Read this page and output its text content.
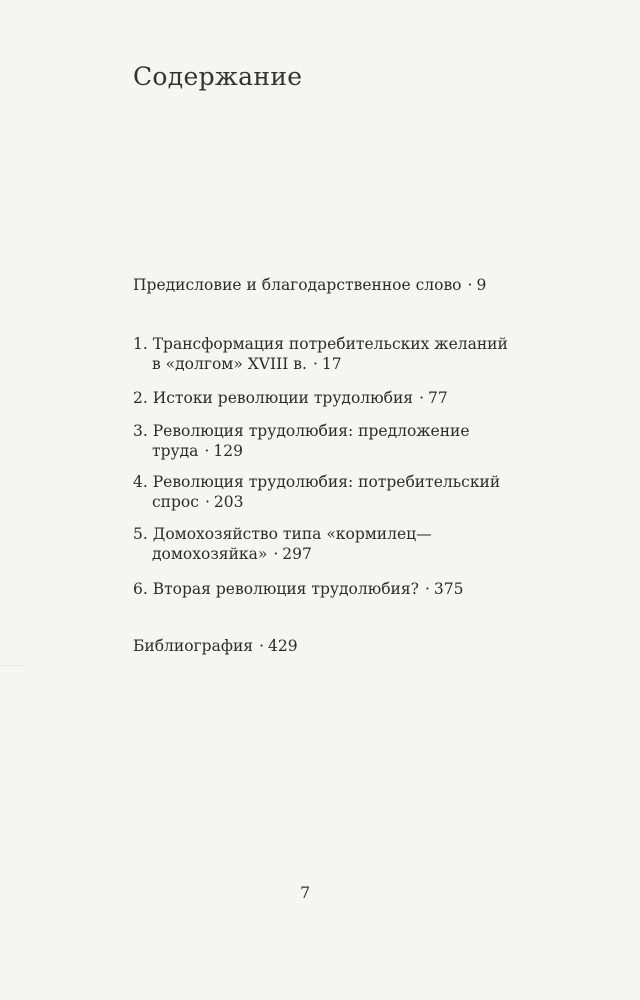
Содержание
Предисловие и благодарственное слово · 9
1. Трансформация потребительских желаний
в «долгом» XVIII в. · 17
2. Истоки революции трудолюбия · 77
3. Революция трудолюбия: предложение
труда · 129
4. Революция трудолюбия: потребительский
спрос · 203
5. Домохозяйство типа «кормилец—
домохозяйка» · 297
6. Вторая революция трудолюбия? · 375
Библиография · 429
7
